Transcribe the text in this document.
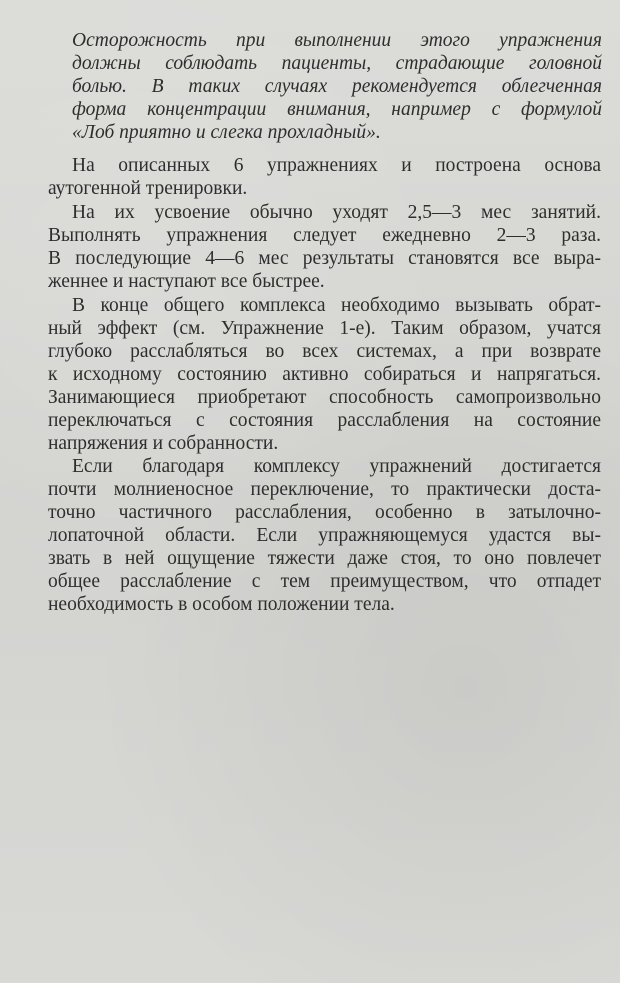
Осторожность при выполнении этого упражнения
должны соблюдать пациенты, страдающие головной
болью. В таких случаях рекомендуется облегченная
форма концентрации внимания, например с формулой
«Лоб приятно и слегка прохладный».
На описанных 6 упражнениях и построена основа
аутогенной тренировки.
На их усвоение обычно уходят 2,5—3 мес занятий.
Выполнять упражнения следует ежедневно 2—3 раза.
В последующие 4—6 мес результаты становятся все выра-
женнее и наступают все быстрее.
В конце общего комплекса необходимо вызывать обрат-
ный эффект (см. Упражнение 1-е). Таким образом, учатся
глубоко расслабляться во всех системах, а при возврате
к исходному состоянию активно собираться и напрягаться.
Занимающиеся приобретают способность самопроизвольно
переключаться с состояния расслабления на состояние
напряжения и собранности.
Если благодаря комплексу упражнений достигается
почти молниеносное переключение, то практически доста-
точно частичного расслабления, особенно в затылочно-
лопаточной области. Если упражняющемуся удастся вы-
звать в ней ощущение тяжести даже стоя, то оно повлечет
общее расслабление с тем преимуществом, что отпадет
необходимость в особом положении тела.
